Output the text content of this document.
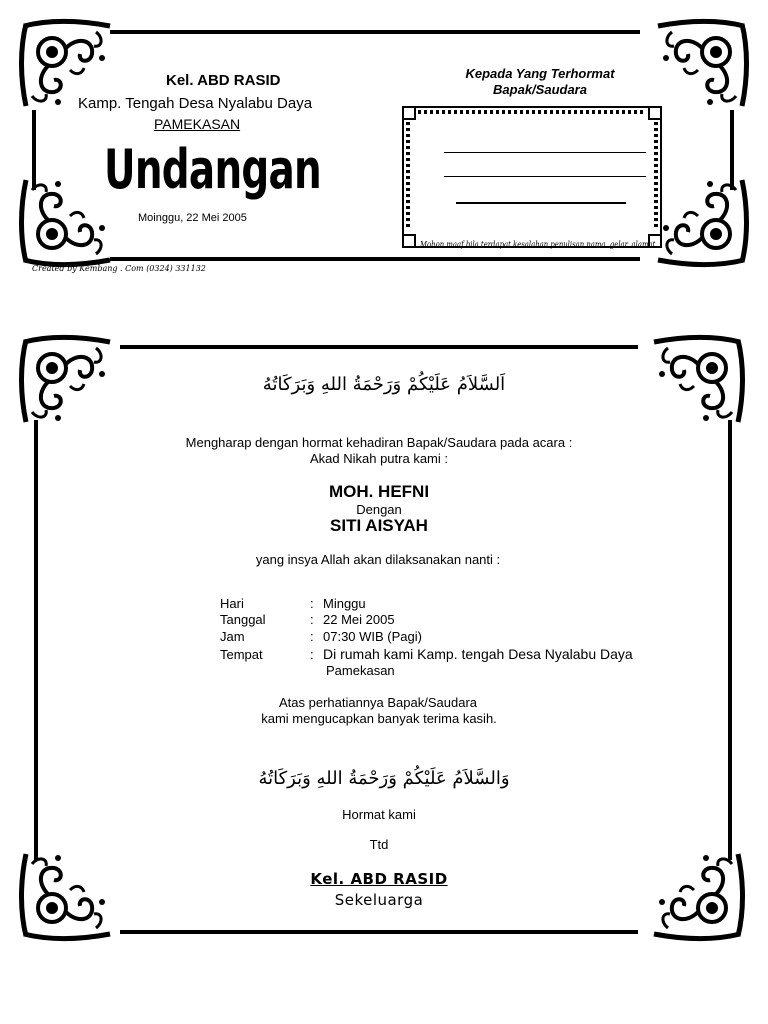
Kel. ABD RASID
Kamp. Tengah Desa Nyalabu Daya
PAMEKASAN
Undangan
Moinggu, 22 Mei 2005
Kepada Yang Terhormat
Bapak/Saudara
Mohon maaf bila terdapat kesalahan penulisan nama, gelar, alamat
Created by Kembang . Com (0324) 331132
اَلسَّلاَمُ عَلَيْكُمْ وَرَحْمَةُ اللهِ وَبَرَكَاتُهُ
Mengharap dengan hormat kehadiran Bapak/Saudara pada acara :
Akad Nikah putra kami :
MOH. HEFNI
Dengan
SITI AISYAH
yang insya Allah akan dilaksanakan nanti :
Hari	: Minggu
Tanggal	: 22 Mei 2005
Jam	: 07:30 WIB (Pagi)
Tempat	: Di rumah kami Kamp. tengah Desa Nyalabu Daya
Pamekasan
Atas perhatiannya Bapak/Saudara
kami mengucapkan banyak terima kasih.
وَالسَّلاَمُ عَلَيْكُمْ وَرَحْمَةُ اللهِ وَبَرَكَاتُهُ
Hormat kami
Ttd
Kel. ABD RASID
Sekeluarga
